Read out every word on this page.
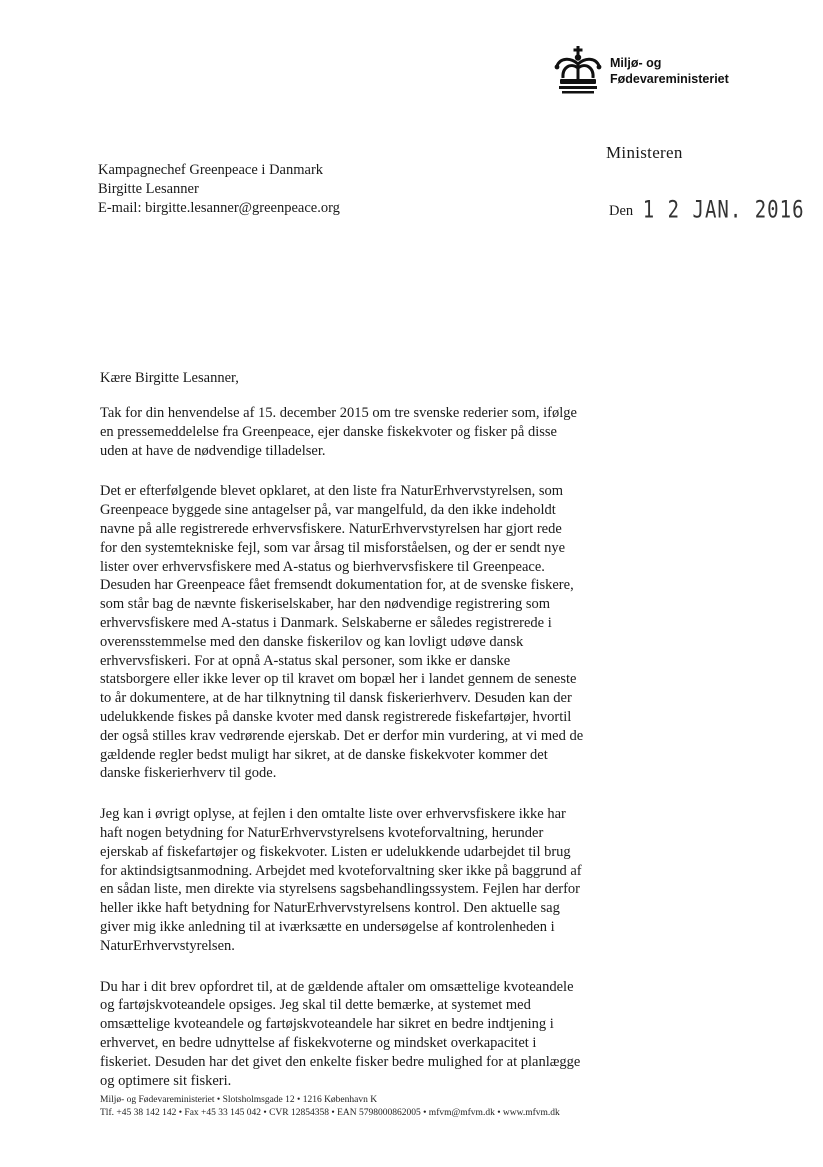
Miljø- og
Fødevareministeriet
Ministeren
Kampagnechef Greenpeace i Danmark
Birgitte Lesanner
E-mail: birgitte.lesanner@greenpeace.org	Den 1 2 JAN. 2016
Kære Birgitte Lesanner,

Tak for din henvendelse af 15. december 2015 om tre svenske rederier som, ifølge
en pressemeddelelse fra Greenpeace, ejer danske fiskekvoter og fisker på disse
uden at have de nødvendige tilladelser.

Det er efterfølgende blevet opklaret, at den liste fra NaturErhvervstyrelsen, som
Greenpeace byggede sine antagelser på, var mangelfuld, da den ikke indeholdt
navne på alle registrerede erhvervsfiskere. NaturErhvervstyrelsen har gjort rede
for den systemtekniske fejl, som var årsag til misforståelsen, og der er sendt nye
lister over erhvervsfiskere med A-status og bierhvervsfiskere til Greenpeace.
Desuden har Greenpeace fået fremsendt dokumentation for, at de svenske fiskere,
som står bag de nævnte fiskeriselskaber, har den nødvendige registrering som
erhvervsfiskere med A-status i Danmark. Selskaberne er således registrerede i
overensstemmelse med den danske fiskerilov og kan lovligt udøve dansk
erhvervsfiskeri. For at opnå A-status skal personer, som ikke er danske
statsborgere eller ikke lever op til kravet om bopæl her i landet gennem de seneste
to år dokumentere, at de har tilknytning til dansk fiskerierhverv. Desuden kan der
udelukkende fiskes på danske kvoter med dansk registrerede fiskefartøjer, hvortil
der også stilles krav vedrørende ejerskab. Det er derfor min vurdering, at vi med de
gældende regler bedst muligt har sikret, at de danske fiskekvoter kommer det
danske fiskerierhverv til gode.

Jeg kan i øvrigt oplyse, at fejlen i den omtalte liste over erhvervsfiskere ikke har
haft nogen betydning for NaturErhvervstyrelsens kvoteforvaltning, herunder
ejerskab af fiskefartøjer og fiskekvoter. Listen er udelukkende udarbejdet til brug
for aktindsigtsanmodning. Arbejdet med kvoteforvaltning sker ikke på baggrund af
en sådan liste, men direkte via styrelsens sagsbehandlingssystem. Fejlen har derfor
heller ikke haft betydning for NaturErhvervstyrelsens kontrol. Den aktuelle sag
giver mig ikke anledning til at iværksætte en undersøgelse af kontrolenheden i
NaturErhvervstyrelsen.

Du har i dit brev opfordret til, at de gældende aftaler om omsættelige kvoteandele
og fartøjskvoteandele opsiges. Jeg skal til dette bemærke, at systemet med
omsættelige kvoteandele og fartøjskvoteandele har sikret en bedre indtjening i
erhvervet, en bedre udnyttelse af fiskekvoterne og mindsket overkapacitet i
fiskeriet. Desuden har det givet den enkelte fisker bedre mulighed for at planlægge
og optimere sit fiskeri.

Miljø- og Fødevareministeriet • Slotsholmsgade 12 • 1216 København K
Tlf. +45 38 142 142 • Fax +45 33 145 042 • CVR 12854358 • EAN 5798000862005 • mfvm@mfvm.dk • www.mfvm.dk
